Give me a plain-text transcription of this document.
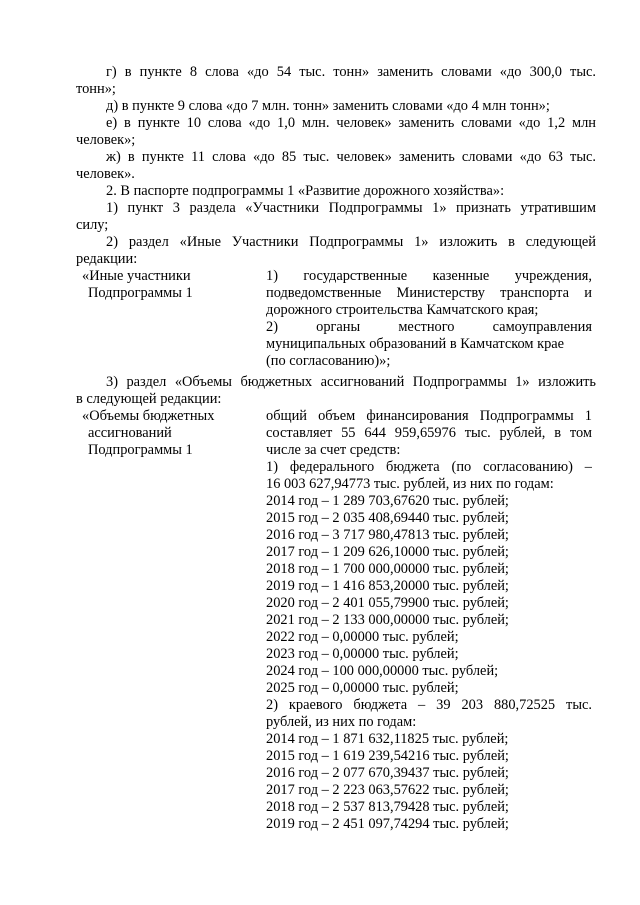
г) в пункте 8 слова «до 54 тыс. тонн» заменить словами «до 300,0 тыс.
тонн»;
д) в пункте 9 слова «до 7 млн. тонн» заменить словами «до 4 млн тонн»;
е) в пункте 10 слова «до 1,0 млн. человек» заменить словами «до 1,2 млн
человек»;
ж) в пункте 11 слова «до 85 тыс. человек» заменить словами «до 63 тыс.
человек».
2. В паспорте подпрограммы 1 «Развитие дорожного хозяйства»:
1) пункт 3 раздела «Участники Подпрограммы 1» признать утратившим
силу;
2) раздел «Иные Участники Подпрограммы 1» изложить в следующей
редакции:
«Иные участники
Подпрограммы 1
1) государственные казенные учреждения,
подведомственные Министерству транспорта и
дорожного строительства Камчатского края;
2) органы местного самоуправления
муниципальных образований в Камчатском крае
(по согласованию)»;
3) раздел «Объемы бюджетных ассигнований Подпрограммы 1» изложить
в следующей редакции:
«Объемы бюджетных
ассигнований
Подпрограммы 1
общий объем финансирования Подпрограммы 1
составляет 55 644 959,65976 тыс. рублей, в том
числе за счет средств:
1) федерального бюджета (по согласованию) –
16 003 627,94773 тыс. рублей, из них по годам:
2014 год – 1 289 703,67620 тыс. рублей;
2015 год – 2 035 408,69440 тыс. рублей;
2016 год – 3 717 980,47813 тыс. рублей;
2017 год – 1 209 626,10000 тыс. рублей;
2018 год – 1 700 000,00000 тыс. рублей;
2019 год – 1 416 853,20000 тыс. рублей;
2020 год – 2 401 055,79900 тыс. рублей;
2021 год – 2 133 000,00000 тыс. рублей;
2022 год – 0,00000 тыс. рублей;
2023 год – 0,00000 тыс. рублей;
2024 год – 100 000,00000 тыс. рублей;
2025 год – 0,00000 тыс. рублей;
2) краевого бюджета – 39 203 880,72525 тыс.
рублей, из них по годам:
2014 год – 1 871 632,11825 тыс. рублей;
2015 год – 1 619 239,54216 тыс. рублей;
2016 год – 2 077 670,39437 тыс. рублей;
2017 год – 2 223 063,57622 тыс. рублей;
2018 год – 2 537 813,79428 тыс. рублей;
2019 год – 2 451 097,74294 тыс. рублей;
